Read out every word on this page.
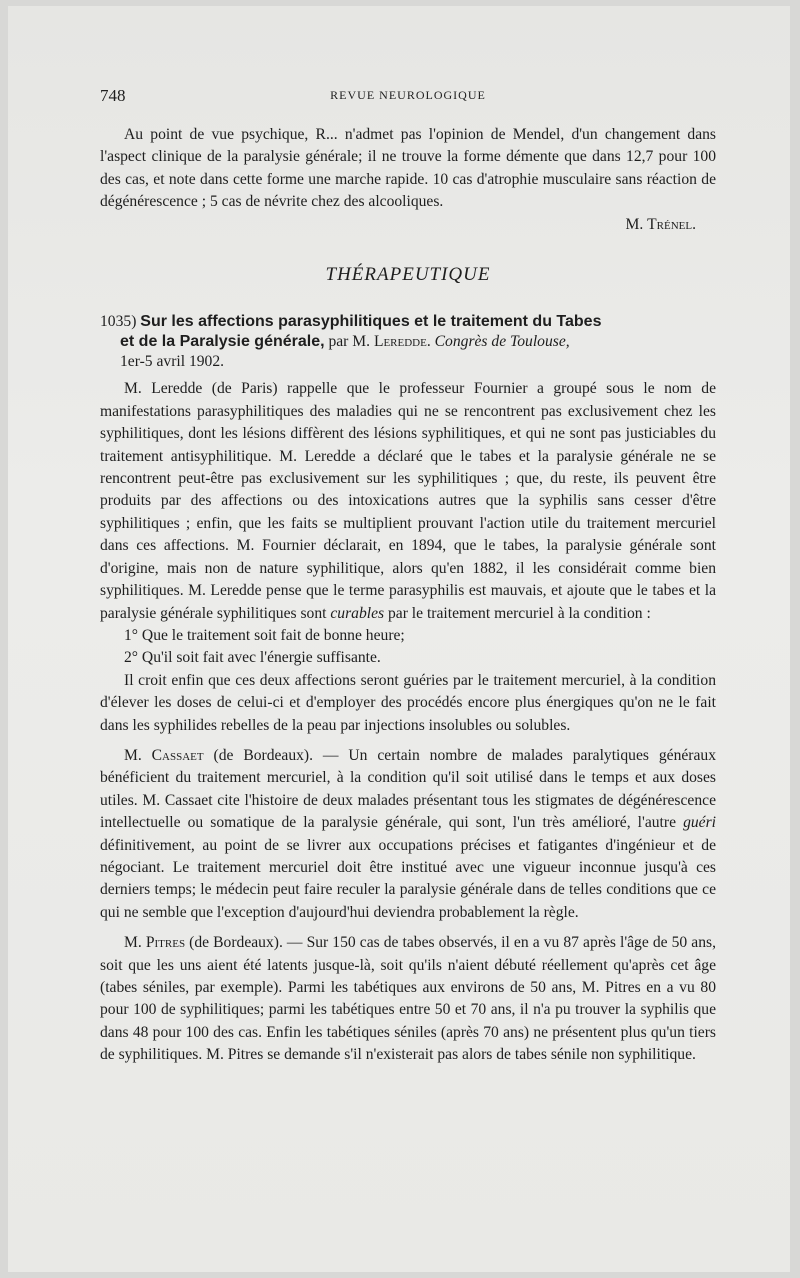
748	REVUE NEUROLOGIQUE

Au point de vue psychique, R... n'admet pas l'opinion de Mendel, d'un changement dans l'aspect clinique de la paralysie générale; il ne trouve la forme démente que dans 12,7 pour 100 des cas, et note dans cette forme une marche rapide. 10 cas d'atrophie musculaire sans réaction de dégénérescence ; 5 cas de névrite chez des alcooliques.

M. Trénel.

THÉRAPEUTIQUE
1035) Sur les affections parasyphilitiques et le traitement du Tabes
et de la Paralysie générale, par M. Leredde. Congrès de Toulouse,
1er-5 avril 1902.

M. Leredde (de Paris) rappelle que le professeur Fournier a groupé sous le nom de manifestations parasyphilitiques des maladies qui ne se rencontrent pas exclusivement chez les syphilitiques, dont les lésions diffèrent des lésions syphilitiques, et qui ne sont pas justiciables du traitement antisyphilitique. M. Leredde a déclaré que le tabes et la paralysie générale ne se rencontrent peut-être pas exclusivement sur les syphilitiques ; que, du reste, ils peuvent être produits par des affections ou des intoxications autres que la syphilis sans cesser d'être syphilitiques ; enfin, que les faits se multiplient prouvant l'action utile du traitement mercuriel dans ces affections. M. Fournier déclarait, en 1894, que le tabes, la paralysie générale sont d'origine, mais non de nature syphilitique, alors qu'en 1882, il les considérait comme bien syphilitiques. M. Leredde pense que le terme parasyphilis est mauvais, et ajoute que le tabes et la paralysie générale syphilitiques sont curables par le traitement mercuriel à la condition :

1° Que le traitement soit fait de bonne heure;

2° Qu'il soit fait avec l'énergie suffisante.

Il croit enfin que ces deux affections seront guéries par le traitement mercuriel, à la condition d'élever les doses de celui-ci et d'employer des procédés encore plus énergiques qu'on ne le fait dans les syphilides rebelles de la peau par injections insolubles ou solubles.

M. Cassaet (de Bordeaux). — Un certain nombre de malades paralytiques généraux bénéficient du traitement mercuriel, à la condition qu'il soit utilisé dans le temps et aux doses utiles. M. Cassaet cite l'histoire de deux malades présentant tous les stigmates de dégénérescence intellectuelle ou somatique de la paralysie générale, qui sont, l'un très amélioré, l'autre guéri définitivement, au point de se livrer aux occupations précises et fatigantes d'ingénieur et de négociant. Le traitement mercuriel doit être institué avec une vigueur inconnue jusqu'à ces derniers temps; le médecin peut faire reculer la paralysie générale dans de telles conditions que ce qui ne semble que l'exception d'aujourd'hui deviendra probablement la règle.

M. Pitres (de Bordeaux). — Sur 150 cas de tabes observés, il en a vu 87 après l'âge de 50 ans, soit que les uns aient été latents jusque-là, soit qu'ils n'aient débuté réellement qu'après cet âge (tabes séniles, par exemple). Parmi les tabétiques aux environs de 50 ans, M. Pitres en a vu 80 pour 100 de syphilitiques; parmi les tabétiques entre 50 et 70 ans, il n'a pu trouver la syphilis que dans 48 pour 100 des cas. Enfin les tabétiques séniles (après 70 ans) ne présentent plus qu'un tiers de syphilitiques. M. Pitres se demande s'il n'existerait pas alors de tabes sénile non syphilitique.
